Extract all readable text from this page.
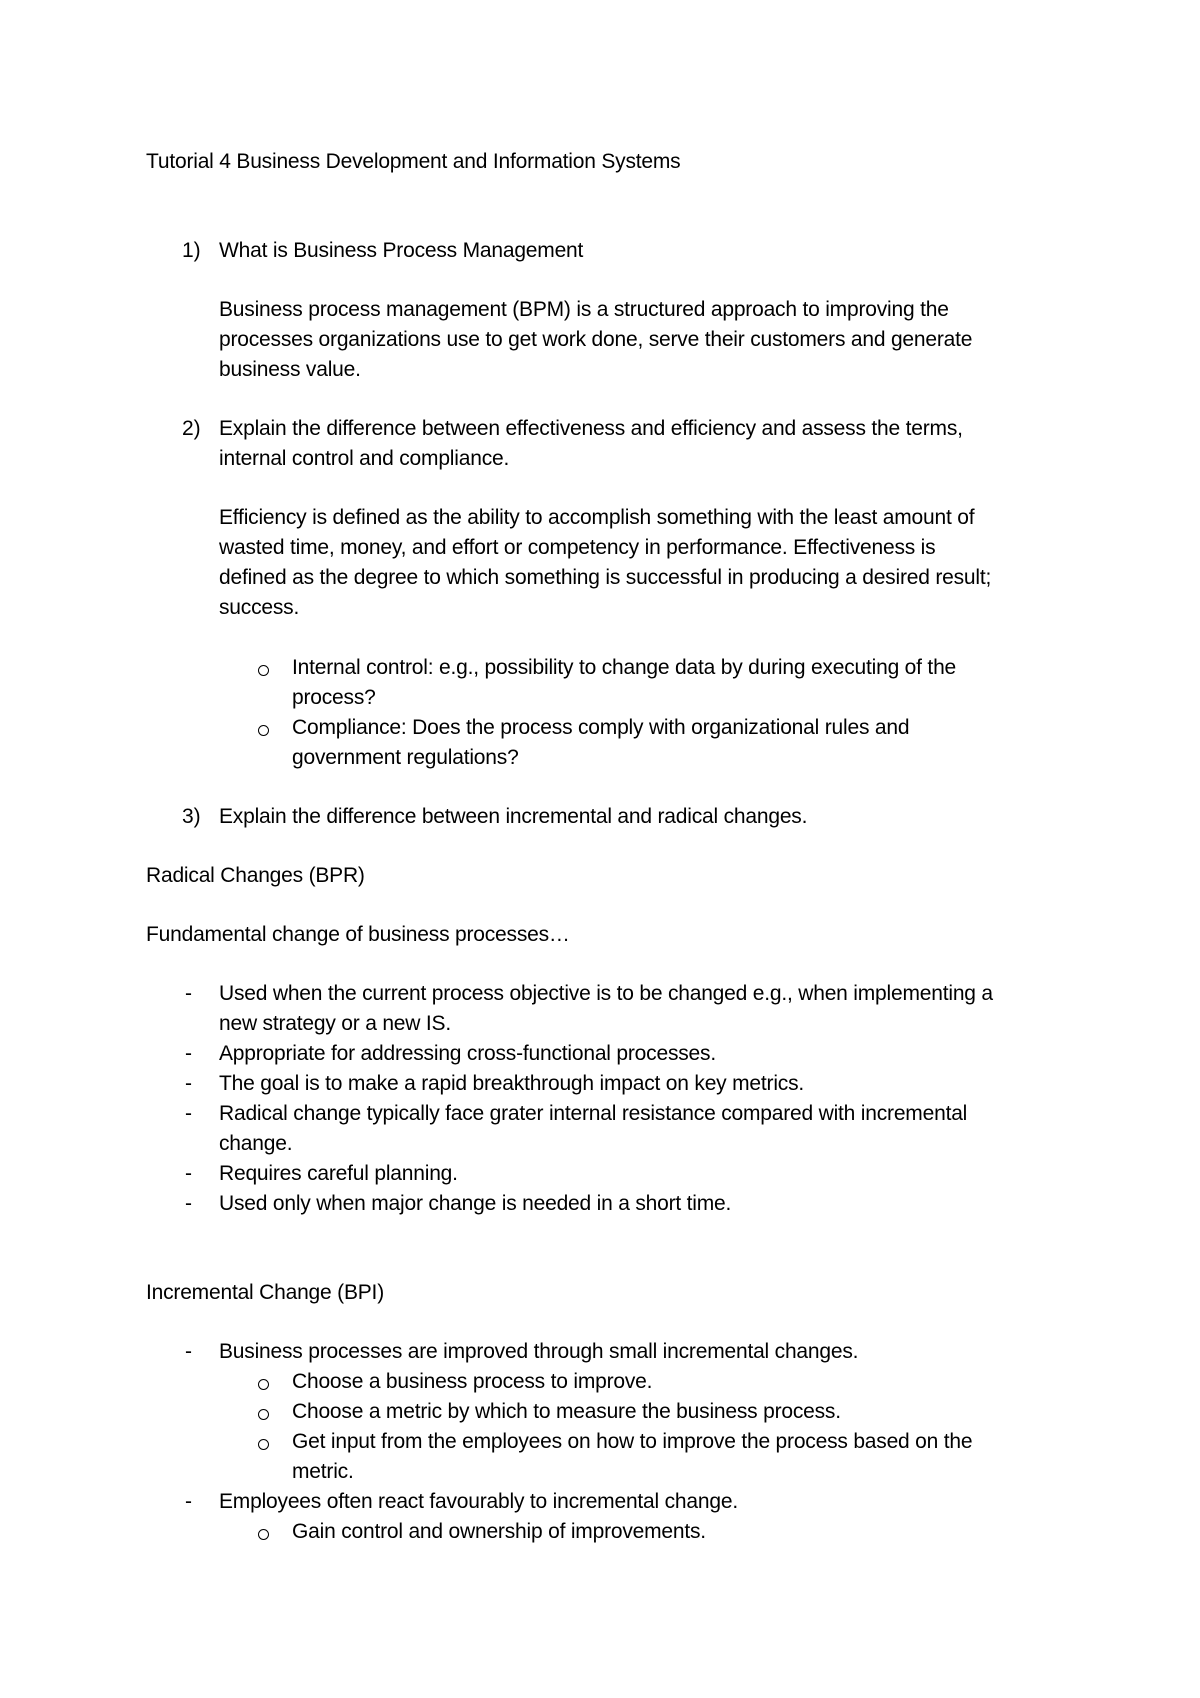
Tutorial 4 Business Development and Information Systems
1) What is Business Process Management
Business process management (BPM) is a structured approach to improving the
processes organizations use to get work done, serve their customers and generate
business value.
2) Explain the difference between effectiveness and efficiency and assess the terms,
internal control and compliance.
Efficiency is defined as the ability to accomplish something with the least amount of
wasted time, money, and effort or competency in performance. Effectiveness is
defined as the degree to which something is successful in producing a desired result;
success.
Internal control: e.g., possibility to change data by during executing of the
process?
Compliance: Does the process comply with organizational rules and
government regulations?
3) Explain the difference between incremental and radical changes.
Radical Changes (BPR)
Fundamental change of business processes…
- Used when the current process objective is to be changed e.g., when implementing a
new strategy or a new IS.
- Appropriate for addressing cross-functional processes.
- The goal is to make a rapid breakthrough impact on key metrics.
- Radical change typically face grater internal resistance compared with incremental
change.
- Requires careful planning.
- Used only when major change is needed in a short time.
Incremental Change (BPI)
- Business processes are improved through small incremental changes.
Choose a business process to improve.
Choose a metric by which to measure the business process.
Get input from the employees on how to improve the process based on the
metric.
- Employees often react favourably to incremental change.
Gain control and ownership of improvements.
